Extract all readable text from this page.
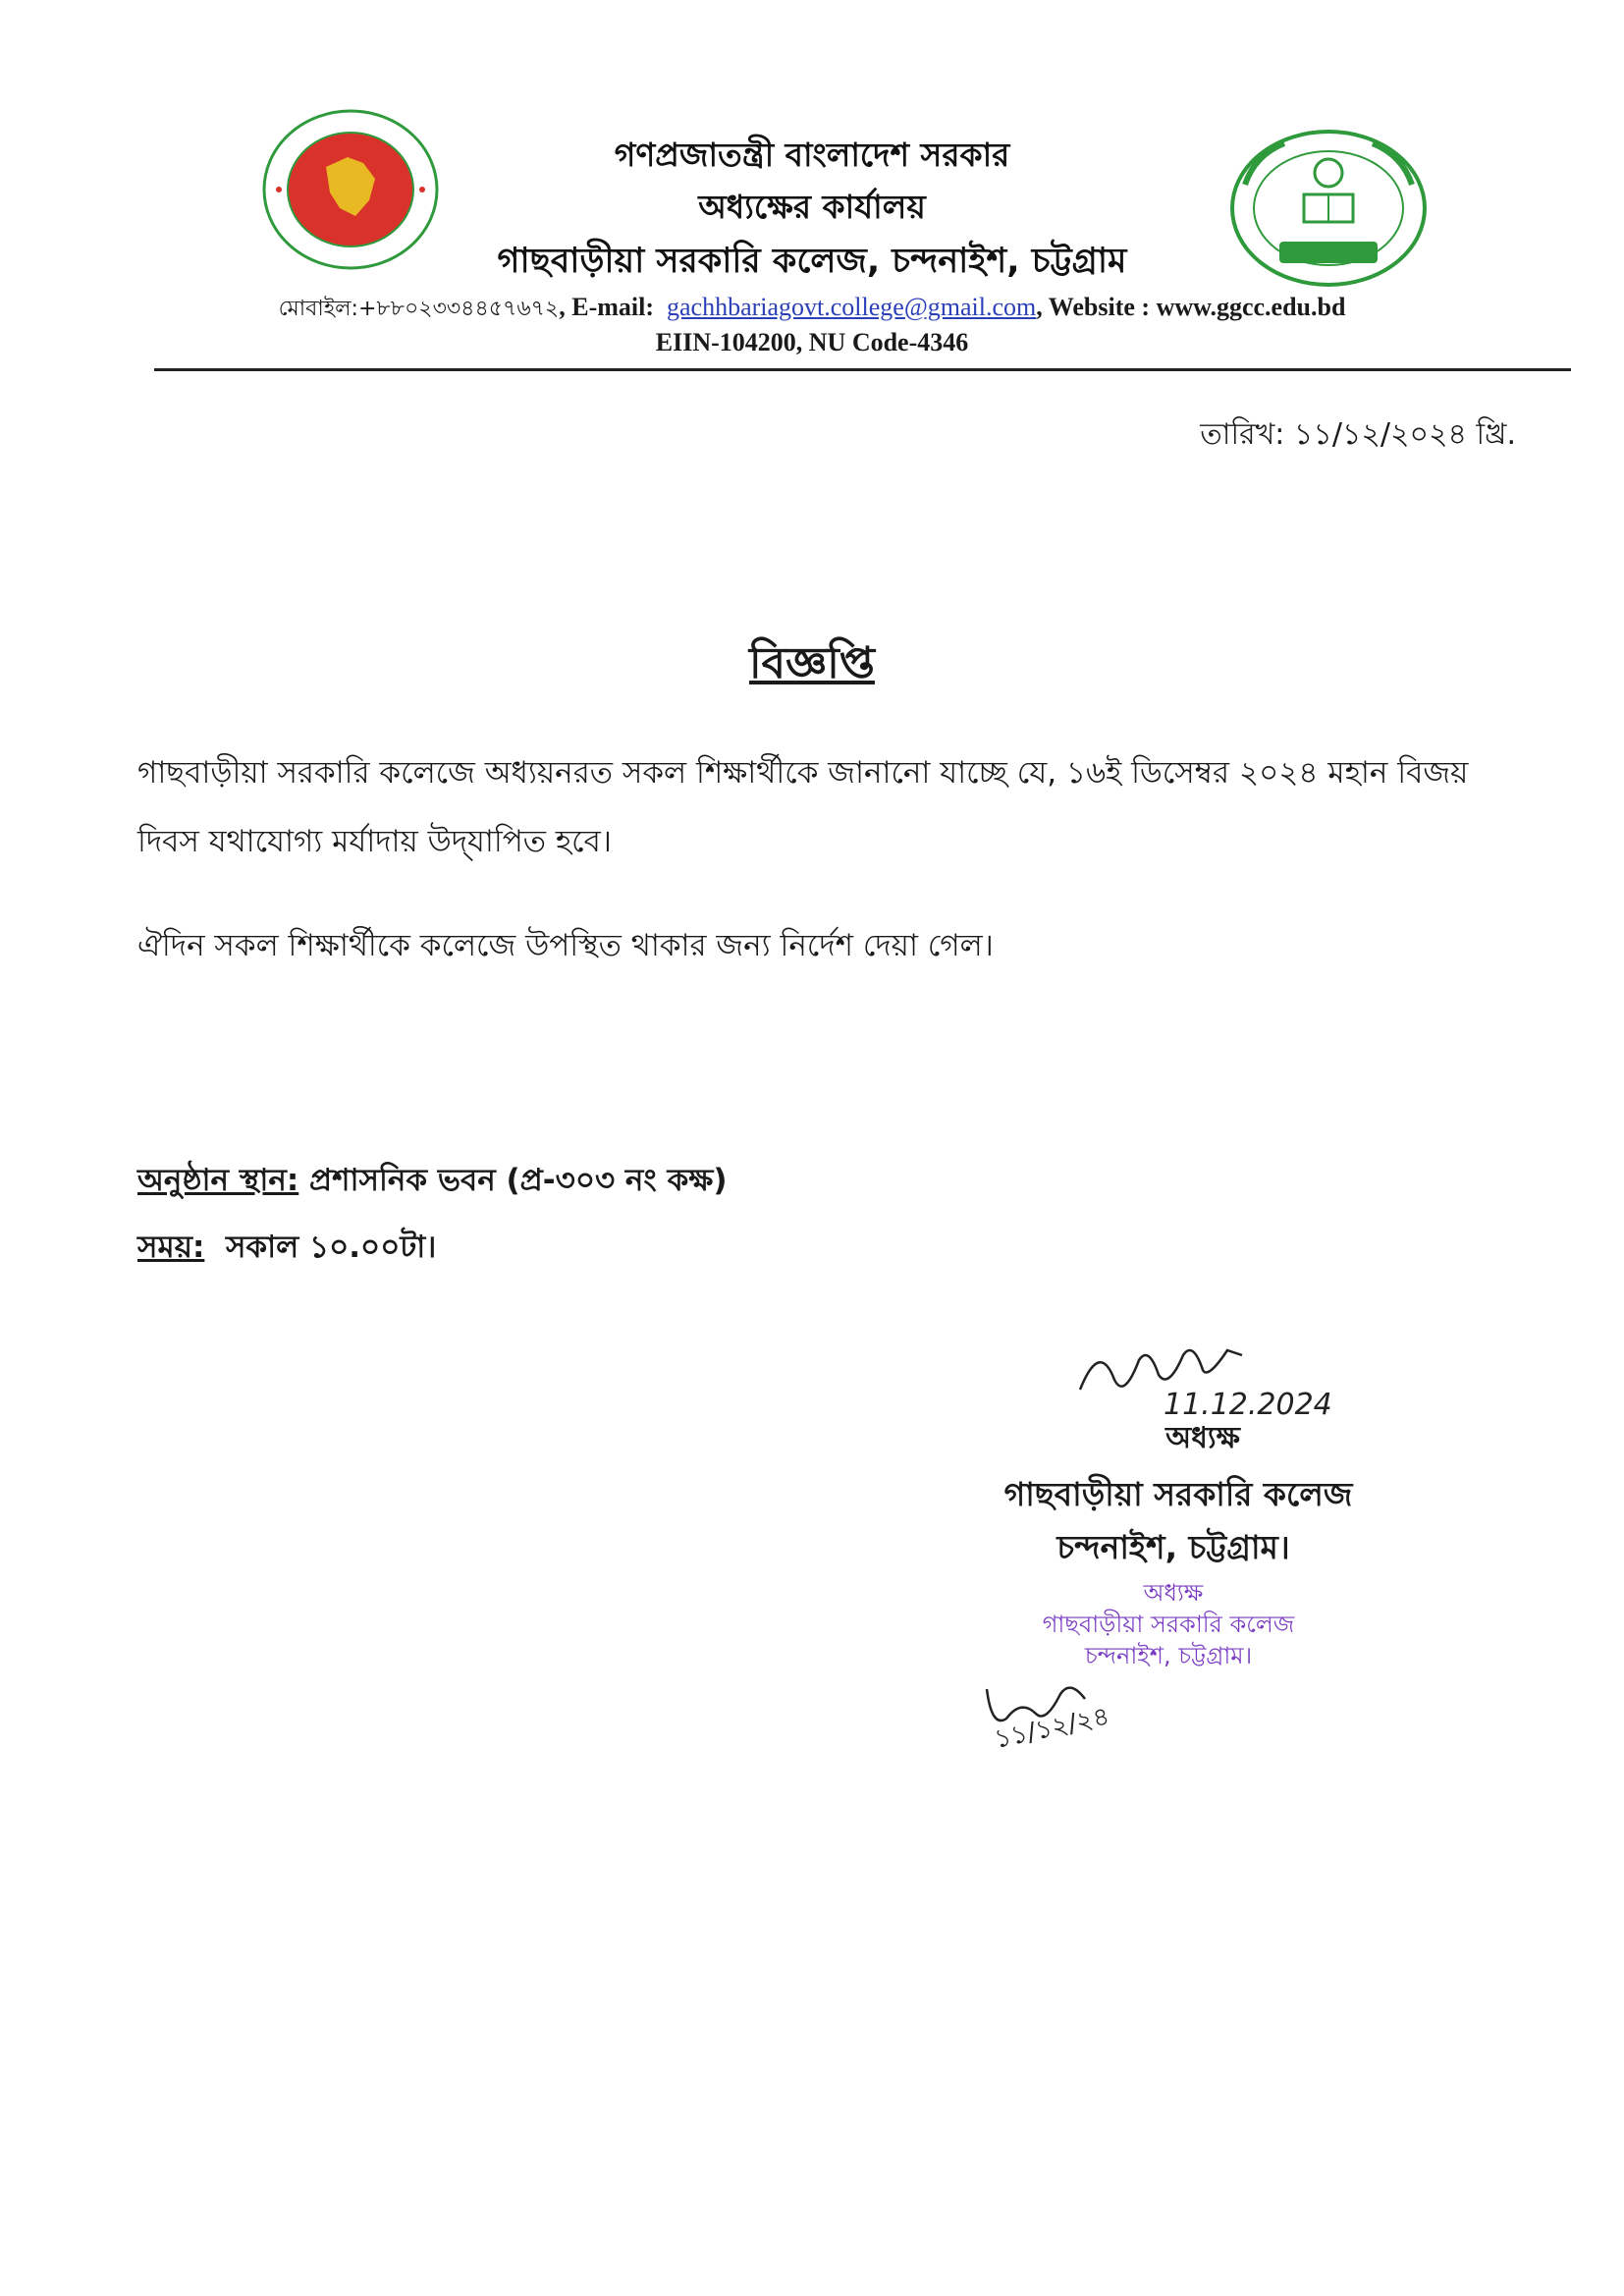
গণপ্রজাতন্ত্রী বাংলাদেশ সরকার
অধ্যক্ষের কার্যালয়
গাছবাড়ীয়া সরকারি কলেজ, চন্দনাইশ, চট্টগ্রাম
মোবাইল:+৮৮০২৩৩৪৪৫৭৬৭২, E-mail: gachhbariagovt.college@gmail.com, Website : www.ggcc.edu.bd
EIIN-104200, NU Code-4346
তারিখ: ১১/১২/২০২৪ খ্রি.
বিজ্ঞপ্তি
গাছবাড়ীয়া সরকারি কলেজে অধ্যয়নরত সকল শিক্ষার্থীকে জানানো যাচ্ছে যে, ১৬ই ডিসেম্বর ২০২৪ মহান বিজয় দিবস যথাযোগ্য মর্যাদায় উদ্‌যাপিত হবে।
ঐদিন সকল শিক্ষার্থীকে কলেজে উপস্থিত থাকার জন্য নির্দেশ দেয়া গেল।
অনুষ্ঠান স্থান: প্রশাসনিক ভবন (প্র-৩০৩ নং কক্ষ)
সময়: সকাল ১০.০০টা।
11.12.2024
অধ্যক্ষ
গাছবাড়ীয়া সরকারি কলেজ
চন্দনাইশ, চট্টগ্রাম।
অধ্যক্ষ
গাছবাড়ীয়া সরকারি কলেজ
চন্দনাইশ, চট্টগ্রাম।
১১/১২/২৪
